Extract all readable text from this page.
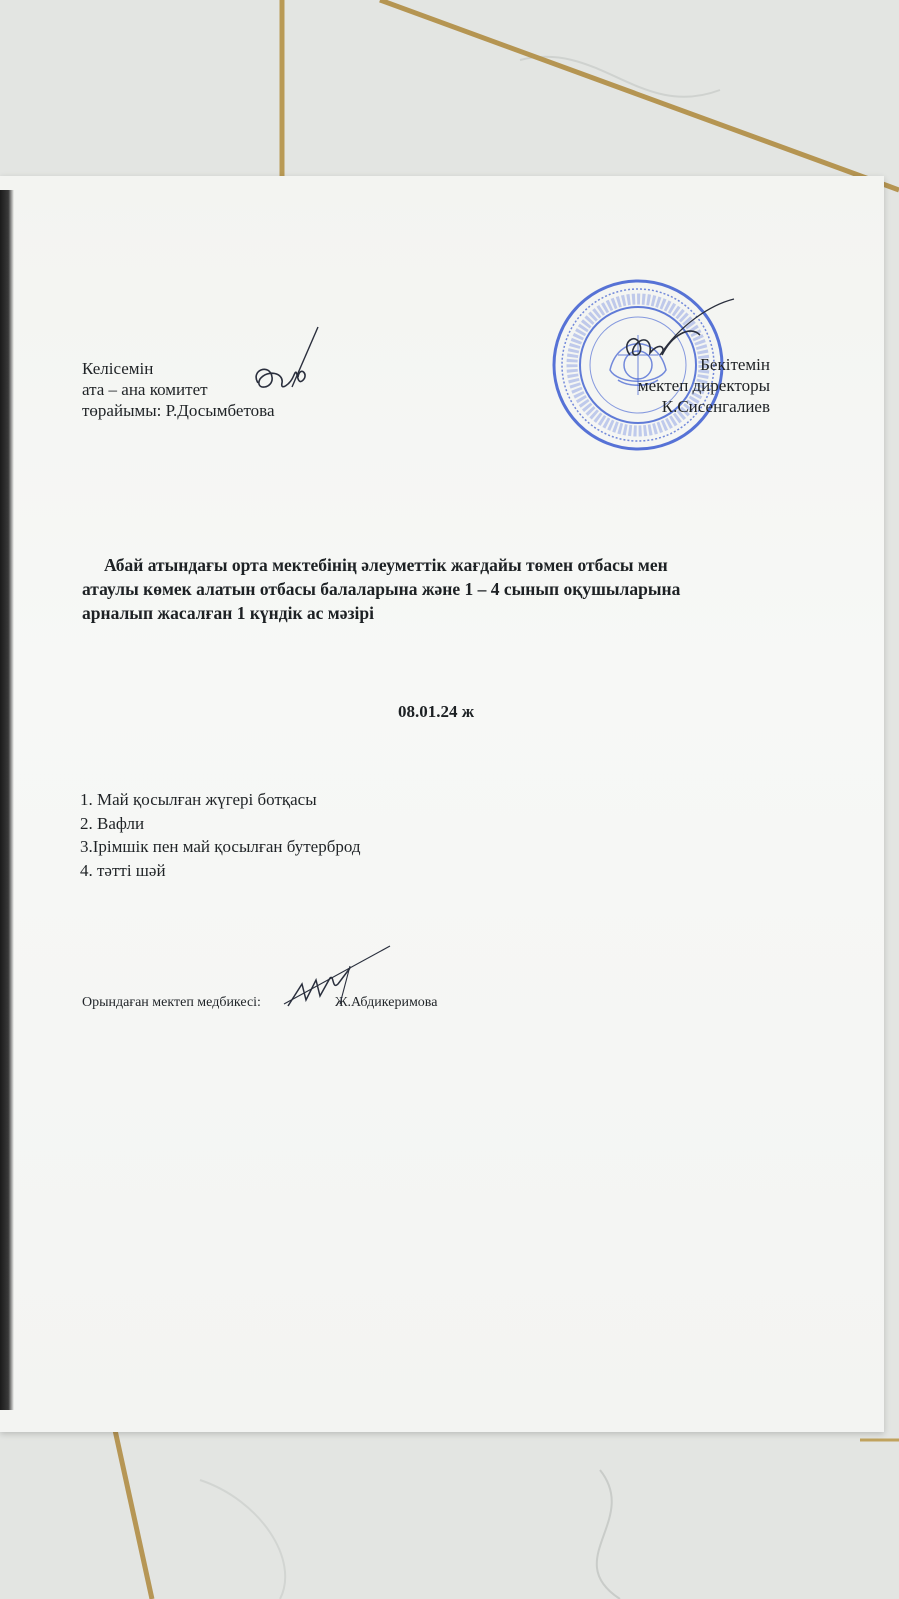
Келісемін
ата – ана комитет
төрайымы: Р.Досымбетова
Бекітемін
мектеп директоры
К.Сисенгалиев
Абай атындағы орта мектебінің әлеуметтік жағдайы төмен отбасы мен
атаулы көмек алатын отбасы балаларына және 1 – 4 сынып оқушыларына
арналып жасалған 1 күндік ас мәзірі
08.01.24 ж
1. Май қосылған жүгері ботқасы
2. Вафли
3.Ірімшік пен май қосылған бутерброд
4. тәтті шәй
Орындаған мектеп медбикесі:	Ж.Абдикеримова
